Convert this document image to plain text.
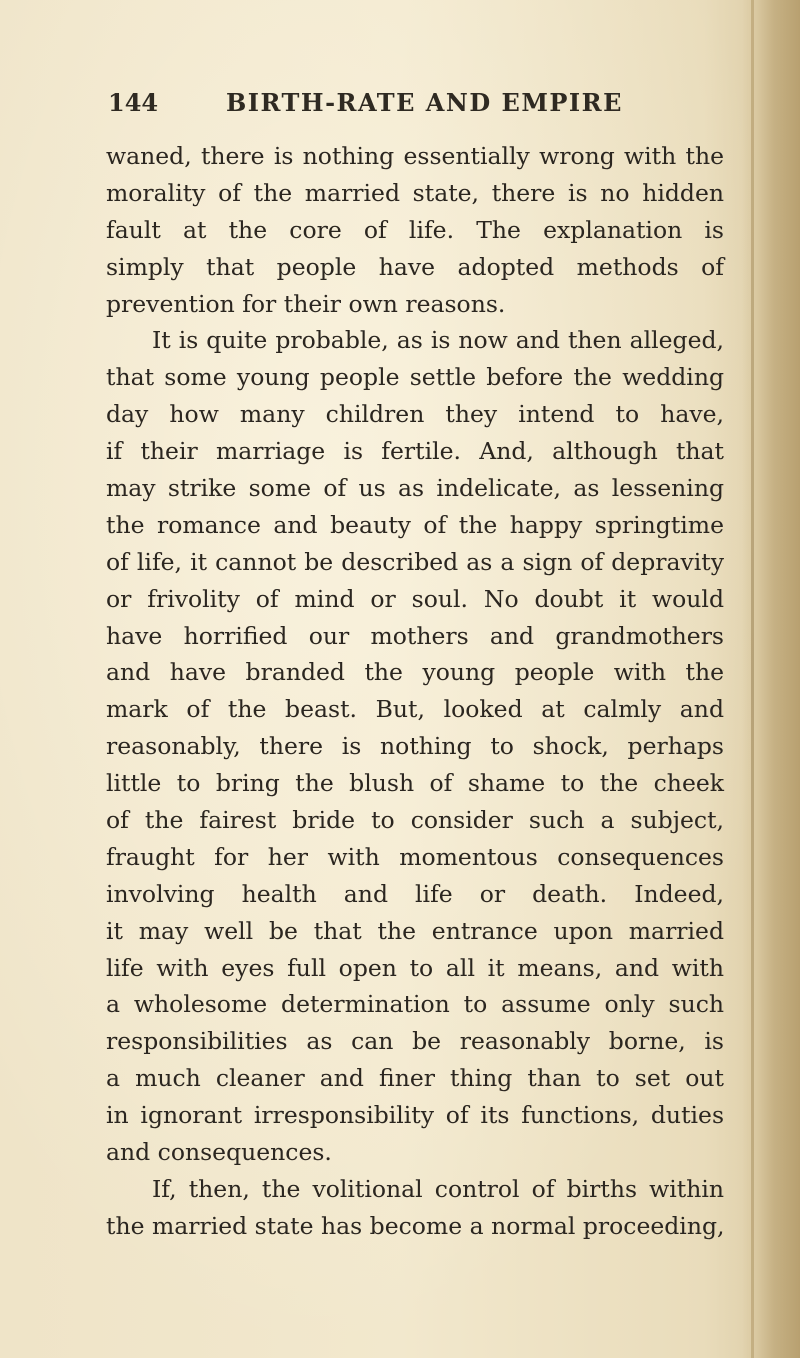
144	BIRTH-RATE AND EMPIRE
waned, there is nothing essentially wrong with the
morality of the married state, there is no hidden
fault at the core of life. The explanation is
simply that people have adopted methods of
prevention for their own reasons.
It is quite probable, as is now and then alleged,
that some young people settle before the wedding
day how many children they intend to have,
if their marriage is fertile. And, although that
may strike some of us as indelicate, as lessening
the romance and beauty of the happy springtime
of life, it cannot be described as a sign of depravity
or frivolity of mind or soul. No doubt it would
have horrified our mothers and grandmothers
and have branded the young people with the
mark of the beast. But, looked at calmly and
reasonably, there is nothing to shock, perhaps
little to bring the blush of shame to the cheek
of the fairest bride to consider such a subject,
fraught for her with momentous consequences
involving health and life or death. Indeed,
it may well be that the entrance upon married
life with eyes full open to all it means, and with
a wholesome determination to assume only such
responsibilities as can be reasonably borne, is
a much cleaner and finer thing than to set out
in ignorant irresponsibility of its functions, duties
and consequences.
If, then, the volitional control of births within
the married state has become a normal proceeding,
